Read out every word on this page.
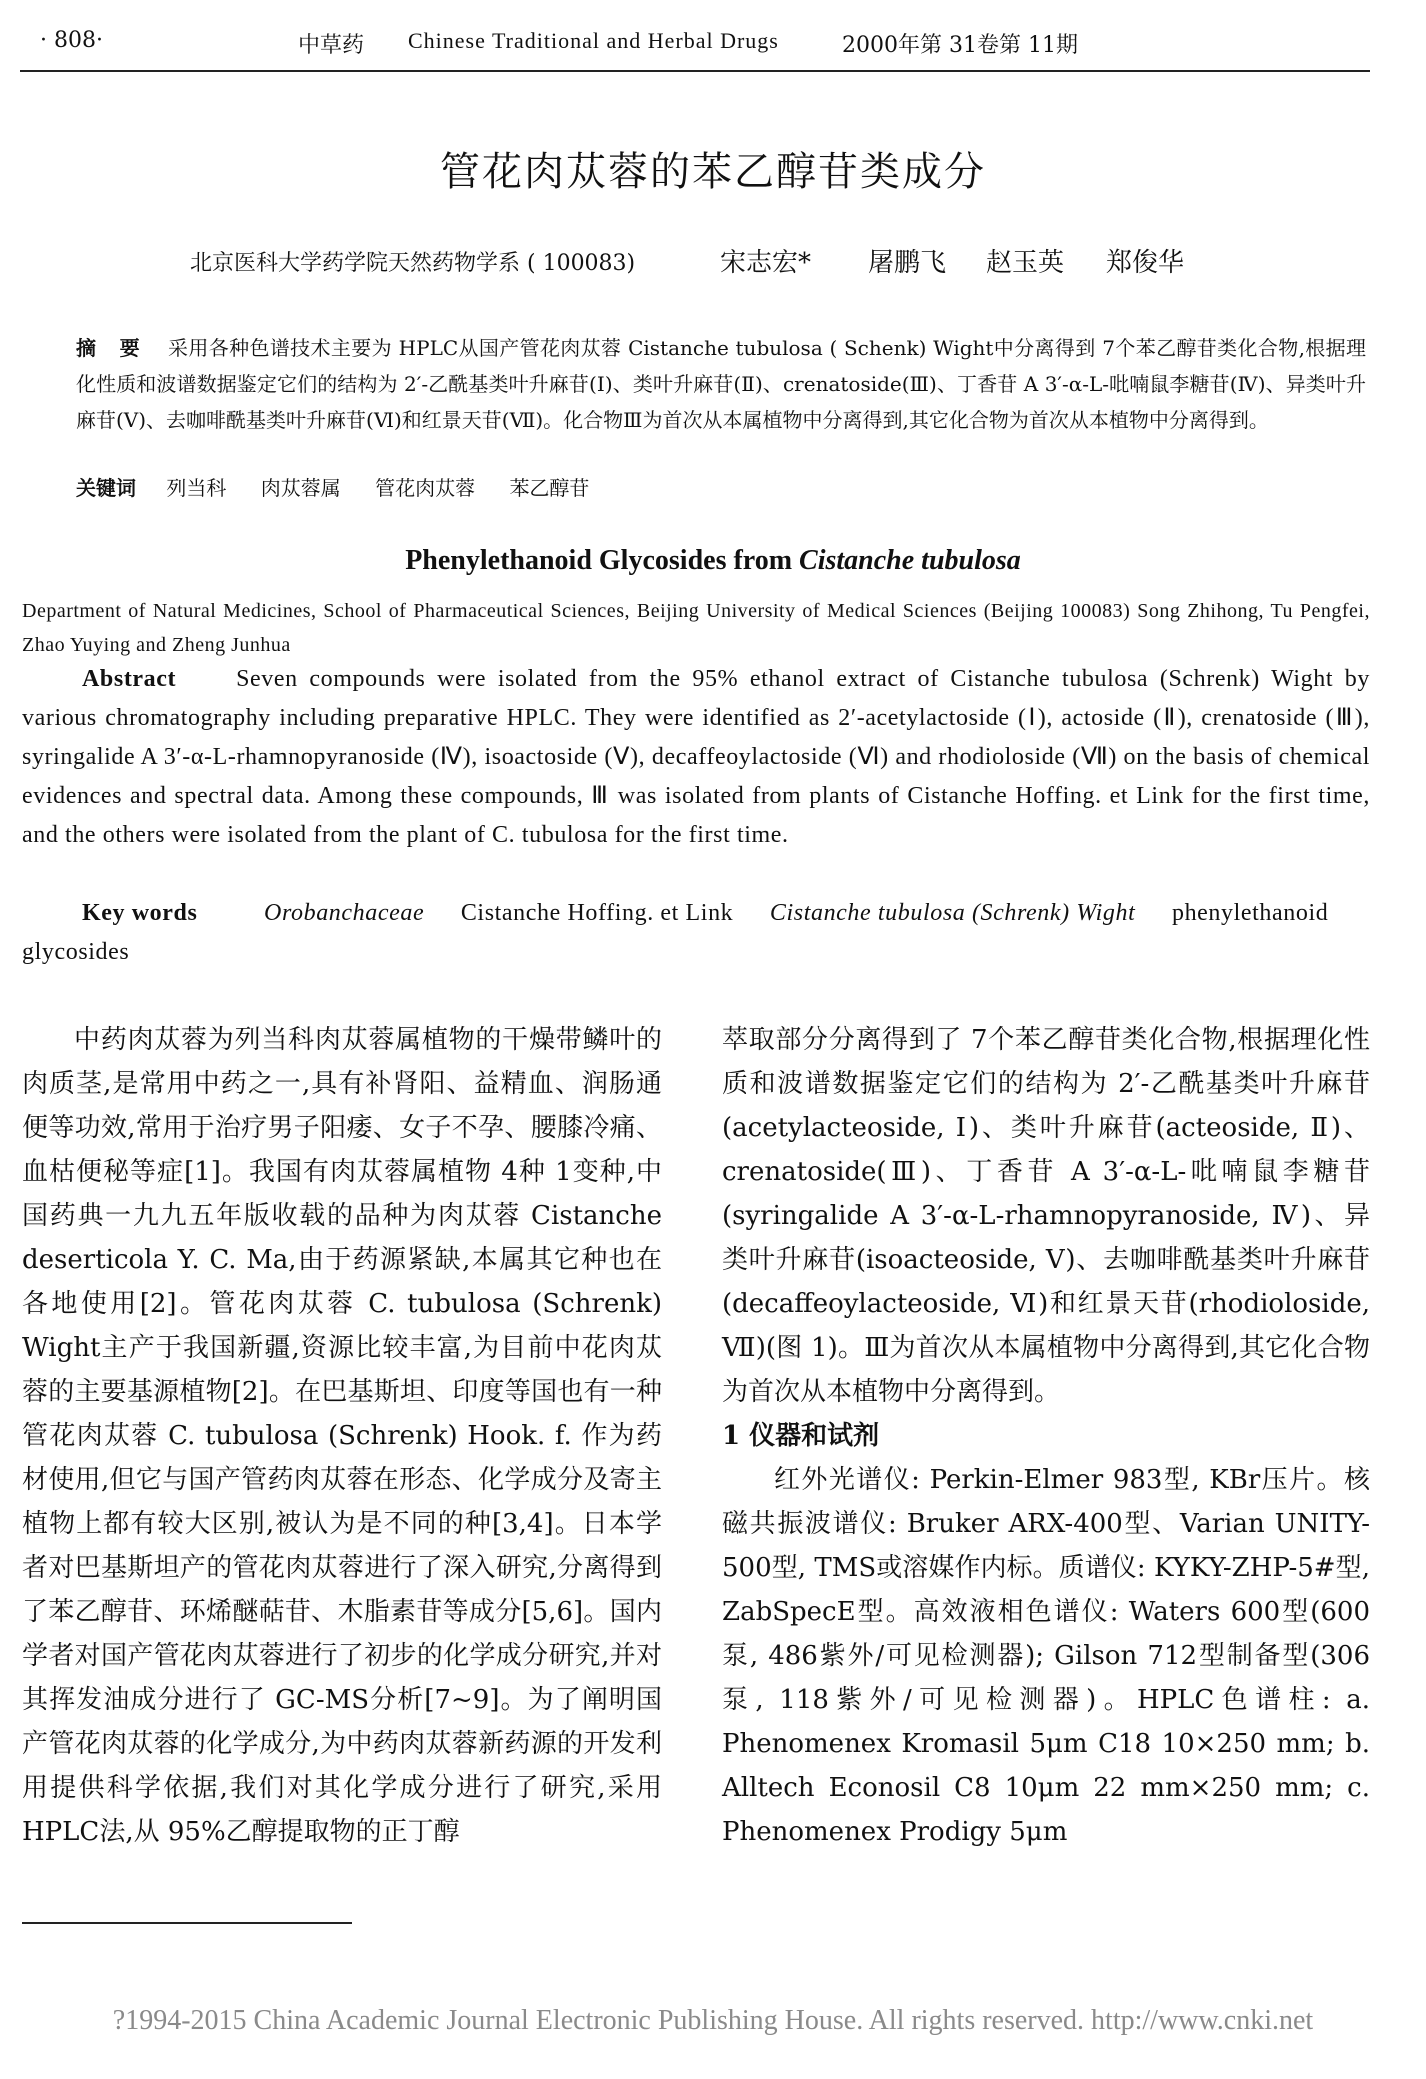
· 808·	中草药 Chinese Traditional and Herbal Drugs	2000年第 31卷第 11期
管花肉苁蓉的苯乙醇苷类成分
北京医科大学药学院天然药物学系 ( 100083)	宋志宏* 屠鹏飞 赵玉英 郑俊华
摘 要 采用各种色谱技术主要为 HPLC从国产管花肉苁蓉 Cistanche tubulosa ( Schenk) Wight中分离得到 7个苯乙醇苷类化合物,根据理化性质和波谱数据鉴定它们的结构为 2′-乙酰基类叶升麻苷(Ⅰ)、类叶升麻苷(Ⅱ)、crenatoside(Ⅲ)、丁香苷 A 3′-α-L-吡喃鼠李糖苷(Ⅳ)、异类叶升麻苷(Ⅴ)、去咖啡酰基类叶升麻苷(Ⅵ)和红景天苷(Ⅶ)。化合物Ⅲ为首次从本属植物中分离得到,其它化合物为首次从本植物中分离得到。
关键词 列当科 肉苁蓉属 管花肉苁蓉 苯乙醇苷
Phenylethanoid Glycosides from Cistanche tubulosa
Department of Natural Medicines, School of Pharmaceutical Sciences, Beijing University of Medical Sciences (Beijing 100083) Song Zhihong, Tu Pengfei, Zhao Yuying and Zheng Junhua
Abstract	Seven compounds were isolated from the 95% ethanol extract of Cistanche tubulosa (Schrenk) Wight by various chromatography including preparative HPLC. They were identified as 2′-acetylactoside (Ⅰ), actoside (Ⅱ), crenatoside (Ⅲ), syringalide A 3′-α-L-rhamnopyranoside (Ⅳ), isoactoside (Ⅴ), decaffeoylactoside (Ⅵ) and rhodioloside (Ⅶ) on the basis of chemical evidences and spectral data. Among these compounds, Ⅲ was isolated from plants of Cistanche Hoffing. et Link for the first time, and the others were isolated from the plant of C. tubulosa for the first time.
Key words	Orobanchaceae Cistanche Hoffing. et Link Cistanche tubulosa (Schrenk) Wight phenylethanoid glycosides

中药肉苁蓉为列当科肉苁蓉属植物的干燥带鳞叶的肉质茎,是常用中药之一,具有补肾阳、益精血、润肠通便等功效,常用于治疗男子阳痿、女子不孕、腰膝冷痛、血枯便秘等症[1]。我国有肉苁蓉属植物 4种 1变种,中国药典一九九五年版收载的品种为肉苁蓉 Cistanche deserticola Y. C. Ma,由于药源紧缺,本属其它种也在各地使用[2]。管花肉苁蓉 C. tubulosa (Schrenk) Wight主产于我国新疆,资源比较丰富,为目前中花肉苁蓉的主要基源植物[2]。在巴基斯坦、印度等国也有一种管花肉苁蓉 C. tubulosa (Schrenk) Hook. f. 作为药材使用,但它与国产管药肉苁蓉在形态、化学成分及寄主植物上都有较大区别,被认为是不同的种[3,4]。日本学者对巴基斯坦产的管花肉苁蓉进行了深入研究,分离得到了苯乙醇苷、环烯醚萜苷、木脂素苷等成分[5,6]。国内学者对国产管花肉苁蓉进行了初步的化学成分研究,并对其挥发油成分进行了 GC-MS分析[7~9]。为了阐明国产管花肉苁蓉的化学成分,为中药肉苁蓉新药源的开发利用提供科学依据,我们对其化学成分进行了研究,采用 HPLC法,从 95%乙醇提取物的正丁醇

萃取部分分离得到了 7个苯乙醇苷类化合物,根据理化性质和波谱数据鉴定它们的结构为 2′-乙酰基类叶升麻苷(acetylacteoside, Ⅰ)、类叶升麻苷(acteoside, Ⅱ)、crenatoside(Ⅲ)、丁香苷 A 3′-α-L-吡喃鼠李糖苷(syringalide A 3′-α-L-rhamnopyranoside, Ⅳ)、异类叶升麻苷(isoacteoside, Ⅴ)、去咖啡酰基类叶升麻苷(decaffeoylacteoside, Ⅵ)和红景天苷(rhodioloside, Ⅶ)(图 1)。Ⅲ为首次从本属植物中分离得到,其它化合物为首次从本植物中分离得到。

1 仪器和试剂

红外光谱仪: Perkin-Elmer 983型, KBr压片。核磁共振波谱仪: Bruker ARX-400型、Varian UNITY-500型, TMS或溶媒作内标。质谱仪: KYKY-ZHP-5#型, ZabSpecE型。高效液相色谱仪: Waters 600型(600泵, 486紫外/可见检测器); Gilson 712型制备型(306泵, 118紫外/可见检测器)。HPLC色谱柱: a. Phenomenex Kromasil 5μm C18 10×250 mm; b. Alltech Econosil C8 10μm 22 mm×250 mm; c. Phenomenex Prodigy 5μm

?1994-2015 China Academic Journal Electronic Publishing House. All rights reserved. http://www.cnki.net
